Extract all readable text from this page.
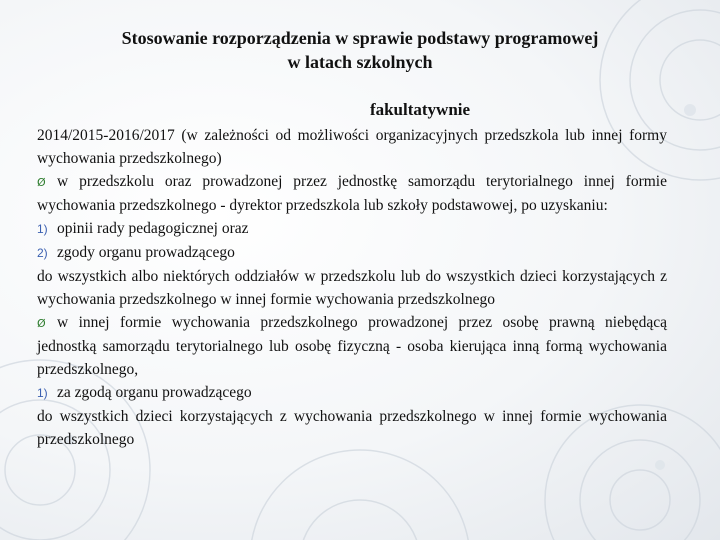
Stosowanie rozporządzenia w sprawie podstawy programowej
w latach szkolnych
fakultatywnie

2014/2015-2016/2017 (w zależności od możliwości organizacyjnych przedszkola lub innej formy wychowania przedszkolnego)

Ø w przedszkolu oraz prowadzonej przez jednostkę samorządu terytorialnego innej formie wychowania przedszkolnego - dyrektor przedszkola lub szkoły podstawowej, po uzyskaniu:

1) opinii rady pedagogicznej oraz

2) zgody organu prowadzącego

do wszystkich albo niektórych oddziałów w przedszkolu lub do wszystkich dzieci korzystających z wychowania przedszkolnego w innej formie wychowania przedszkolnego

Ø w innej formie wychowania przedszkolnego prowadzonej przez osobę prawną niebędącą jednostką samorządu terytorialnego lub osobę fizyczną - osoba kierująca inną formą wychowania przedszkolnego,

1) za zgodą organu prowadzącego

do wszystkich dzieci korzystających z wychowania przedszkolnego w innej formie wychowania przedszkolnego
